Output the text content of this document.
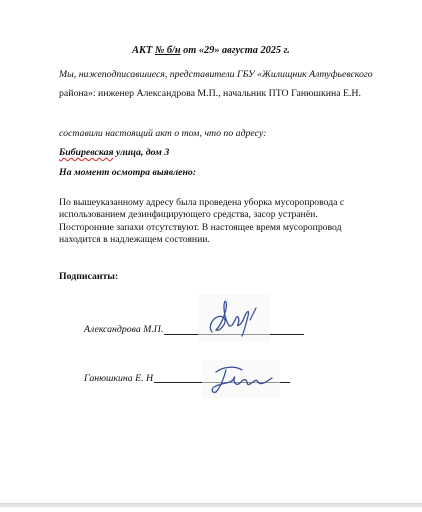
АКТ № б/н от «29» августа 2025 г.
Мы, нижеподписавшиеся, представители ГБУ «Жилищник Алтуфьевского
района»: инженер Александрова М.П., начальник ПТО Ганюшкина Е.Н.
составили настоящий акт о том, что по адресу:
Бибиревская улица, дом 3
На момент осмотра выявлено:
По вышеуказанному адресу была проведена уборка мусоропровода с использованием дезинфицирующего средства, засор устранён. Посторонние запахи отсутствуют. В настоящее время мусоропровод находится в надлежащем состоянии.
Подписанты:
Александрова М.П.
Ганюшкина Е. Н
